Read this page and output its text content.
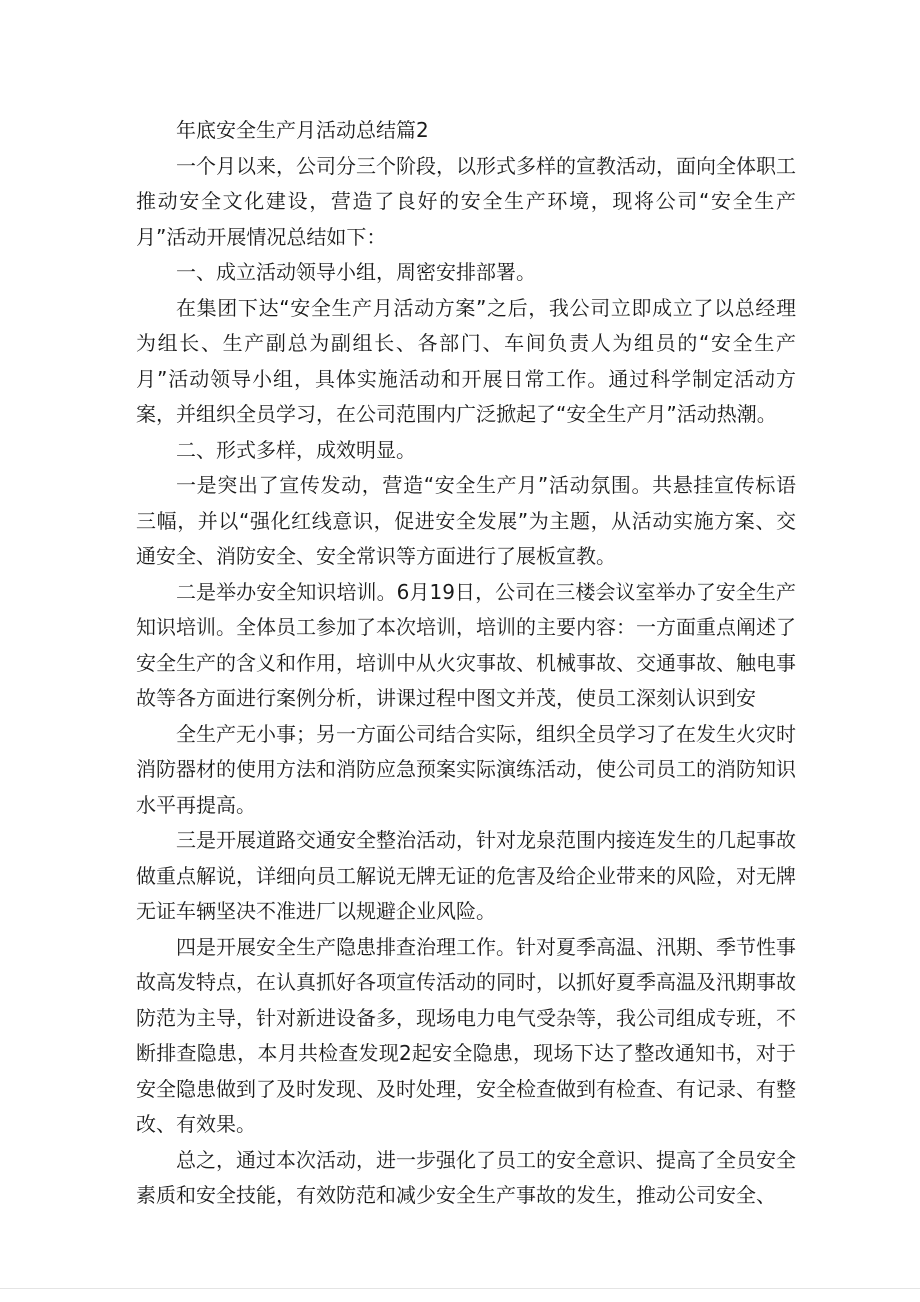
年底安全生产月活动总结篇2

一个月以来，公司分三个阶段，以形式多样的宣教活动，面向全体职工推动安全文化建设，营造了良好的安全生产环境，现将公司“安全生产月”活动开展情况总结如下：

一、成立活动领导小组，周密安排部署。

在集团下达“安全生产月活动方案”之后，我公司立即成立了以总经理为组长、生产副总为副组长、各部门、车间负责人为组员的“安全生产月”活动领导小组，具体实施活动和开展日常工作。通过科学制定活动方案，并组织全员学习，在公司范围内广泛掀起了“安全生产月”活动热潮。

二、形式多样，成效明显。

一是突出了宣传发动，营造“安全生产月”活动氛围。共悬挂宣传标语三幅，并以“强化红线意识，促进安全发展”为主题，从活动实施方案、交通安全、消防安全、安全常识等方面进行了展板宣教。

二是举办安全知识培训。6月19日，公司在三楼会议室举办了安全生产知识培训。全体员工参加了本次培训，培训的主要内容：一方面重点阐述了安全生产的含义和作用，培训中从火灾事故、机械事故、交通事故、触电事故等各方面进行案例分析，讲课过程中图文并茂，使员工深刻认识到安

全生产无小事；另一方面公司结合实际，组织全员学习了在发生火灾时消防器材的使用方法和消防应急预案实际演练活动，使公司员工的消防知识水平再提高。

三是开展道路交通安全整治活动，针对龙泉范围内接连发生的几起事故做重点解说，详细向员工解说无牌无证的危害及给企业带来的风险，对无牌无证车辆坚决不准进厂以规避企业风险。

四是开展安全生产隐患排查治理工作。针对夏季高温、汛期、季节性事故高发特点，在认真抓好各项宣传活动的同时，以抓好夏季高温及汛期事故防范为主导，针对新进设备多，现场电力电气受杂等，我公司组成专班，不断排查隐患，本月共检查发现2起安全隐患，现场下达了整改通知书，对于安全隐患做到了及时发现、及时处理，安全检查做到有检查、有记录、有整改、有效果。

总之，通过本次活动，进一步强化了员工的安全意识、提高了全员安全素质和安全技能，有效防范和减少安全生产事故的发生，推动公司安全、
